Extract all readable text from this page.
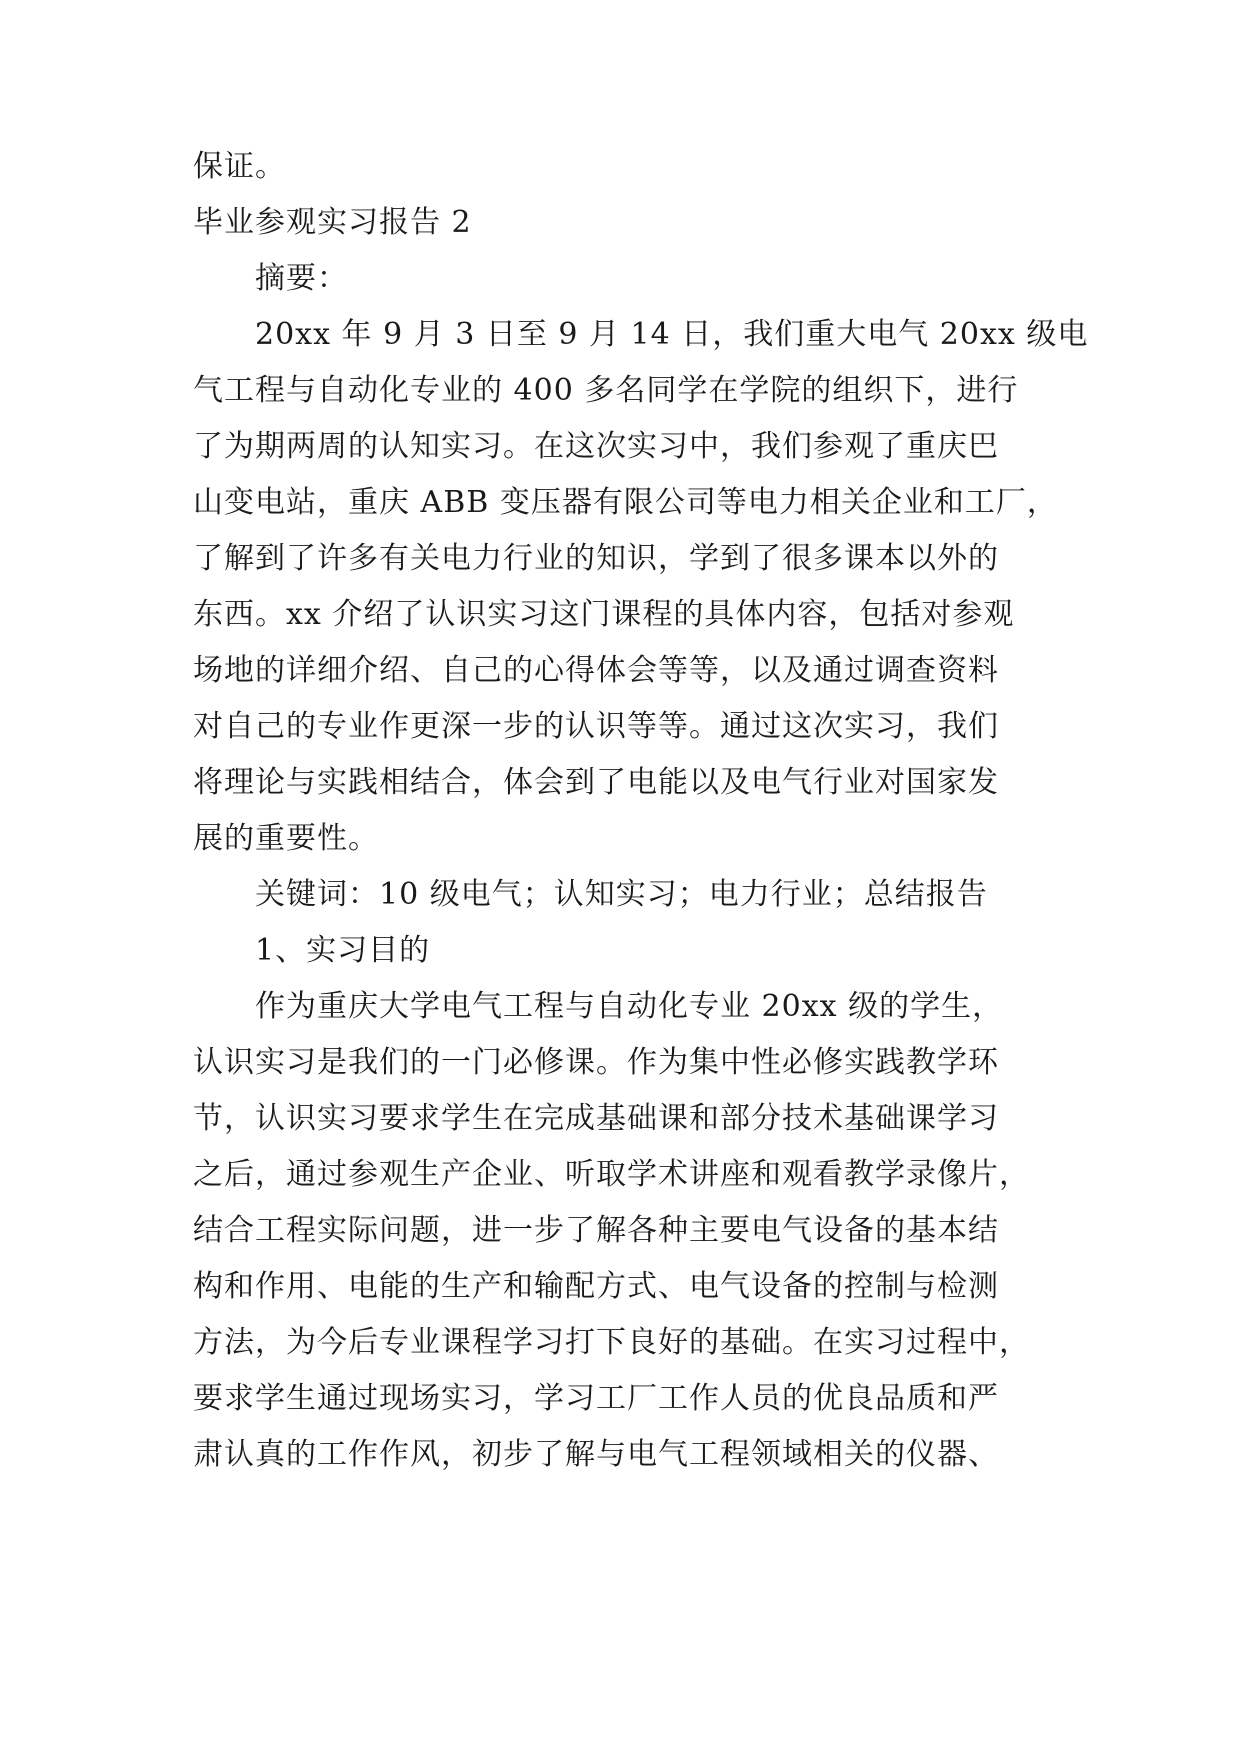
保证。
毕业参观实习报告 2
摘要：
20xx 年 9 月 3 日至 9 月 14 日，我们重大电气 20xx 级电
气工程与自动化专业的 400 多名同学在学院的组织下，进行
了为期两周的认知实习。在这次实习中，我们参观了重庆巴
山变电站，重庆 ABB 变压器有限公司等电力相关企业和工厂，
了解到了许多有关电力行业的知识，学到了很多课本以外的
东西。xx 介绍了认识实习这门课程的具体内容，包括对参观
场地的详细介绍、自己的心得体会等等，以及通过调查资料
对自己的专业作更深一步的认识等等。通过这次实习，我们
将理论与实践相结合，体会到了电能以及电气行业对国家发
展的重要性。
关键词：10 级电气；认知实习；电力行业；总结报告
1、实习目的
作为重庆大学电气工程与自动化专业 20xx 级的学生，
认识实习是我们的一门必修课。作为集中性必修实践教学环
节，认识实习要求学生在完成基础课和部分技术基础课学习
之后，通过参观生产企业、听取学术讲座和观看教学录像片，
结合工程实际问题，进一步了解各种主要电气设备的基本结
构和作用、电能的生产和输配方式、电气设备的控制与检测
方法，为今后专业课程学习打下良好的基础。在实习过程中，
要求学生通过现场实习，学习工厂工作人员的优良品质和严
肃认真的工作作风，初步了解与电气工程领域相关的仪器、
